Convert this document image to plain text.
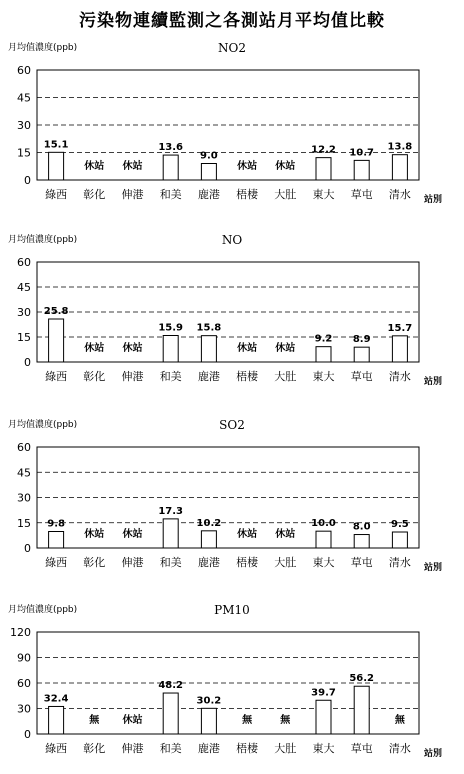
污染物連續監測之各測站月平均值比較
月均值濃度(ppb)	NO2
0
15
30
45
60
15.1
綠西
休站
彰化
休站
伸港
13.6
和美
9.0
鹿港
休站
梧棲
休站
大肚
12.2
東大
10.7
草屯
13.8
清水 站別
月均值濃度(ppb)	NO
0
15
30
45
60
25.8
綠西
休站
彰化
休站
伸港
15.9
和美
15.8
鹿港
休站
梧棲
休站
大肚
9.2
東大
8.9
草屯
15.7
清水 站別
月均值濃度(ppb)	SO2
0
15
30
45
60
9.8
綠西
休站
彰化
休站
伸港
17.3
和美
10.2
鹿港
休站
梧棲
休站
大肚
10.0
東大
8.0
草屯
9.5
清水 站別
月均值濃度(ppb)	PM10
0
30
60
90
120
32.4
綠西
無
彰化
休站
伸港
48.2
和美
30.2
鹿港
無
梧棲
無
大肚
39.7
東大
56.2
草屯
無
清水 站別
